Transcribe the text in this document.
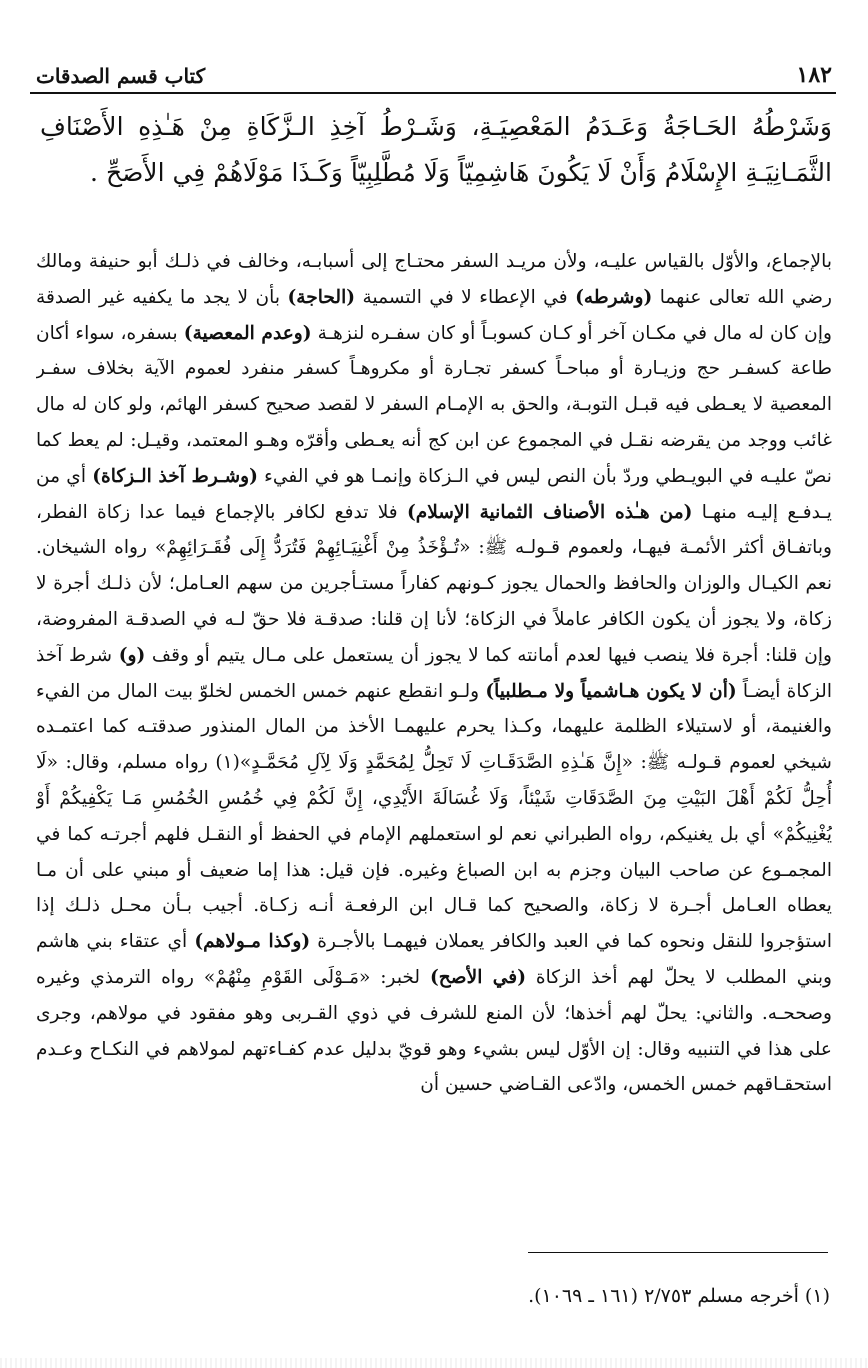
١٨٢
كتاب قسم الصدقات
وَشَرْطُهُ الحَـاجَةُ وَعَـدَمُ المَعْصِيَـةِ، وَشَـرْطُ آخِذِ الـزَّكَاةِ مِنْ هَـٰذِهِ الأَصْنَافِ الثَّمَـانِيَـةِ الإِسْلَامُ وَأَنْ لَا يَكُونَ هَاشِمِيّاً وَلَا مُطَّلِبِيّاً وَكَـذَا مَوْلَاهُمْ فِي الأَصَحِّ .
بالإجماع، والأوّل بالقياس عليـه، ولأن مريـد السفر محتـاج إلى أسبابـه، وخالف في ذلـك أبو حنيفة ومالك رضي الله تعالى عنهما (وشرطه) في الإعطاء لا في التسمية (الحاجة) بأن لا يجد ما يكفيه غير الصدقة وإن كان له مال في مكـان آخر أو كـان كسوبـاً أو كان سفـره لنزهـة (وعدم المعصية) بسفره، سواء أكان طاعة كسفـر حج وزيـارة أو مباحـاً كسفر تجـارة أو مكروهـاً كسفر منفرد لعموم الآية بخلاف سفـر المعصية لا يعـطى فيه قبـل التوبـة، والحق به الإمـام السفر لا لقصد صحيح كسفر الهائم، ولو كان له مال غائب ووجد من يقرضه نقـل في المجموع عن ابن كج أنه يعـطى وأقرّه وهـو المعتمد، وقيـل: لم يعط كما نصّ عليـه في البويـطي وردّ بأن النص ليس في الـزكاة وإنمـا هو في الفيء (وشـرط آخذ الـزكاة) أي من يـدفـع إليـه منهـا (من هـٰذه الأصناف الثمانية الإسلام) فلا تدفع لكافر بالإجماع فيما عدا زكاة الفطر، وباتفـاق أكثر الأئمـة فيهـا، ولعموم قـولـه ﷺ: «تُـؤْخَذُ مِنْ أَغْنِيَـائِهِمْ فَتُرَدُّ إِلَى فُقَـرَائِهِمْ» رواه الشيخان. نعم الكيـال والوزان والحافظ والحمال يجوز كـونهم كفاراً مستـأجرين من سهم العـامل؛ لأن ذلـك أجرة لا زكاة، ولا يجوز أن يكون الكافر عاملاً في الزكاة؛ لأنا إن قلنا: صدقـة فلا حقّ لـه في الصدقـة المفروضة، وإن قلنا: أجرة فلا ينصب فيها لعدم أمانته كما لا يجوز أن يستعمل على مـال يتيم أو وقف (و) شرط آخذ الزكاة أيضـاً (أن لا يكون هـاشمياً ولا مـطلبياً) ولـو انقطع عنهم خمس الخمس لخلوّ بيت المال من الفيء والغنيمة، أو لاستيلاء الظلمة عليهما، وكـذا يحرم عليهمـا الأخذ من المال المنذور صدقتـه كما اعتمـده شيخي لعموم قـولـه ﷺ: «إِنَّ هَـٰذِهِ الصَّدَقَـاتِ لَا تَحِلُّ لِمُحَمَّدٍ وَلَا لِآلِ مُحَمَّـدٍ»(١) رواه مسلم، وقال: «لَا أُحِلُّ لَكُمْ أَهْلَ البَيْتِ مِنَ الصَّدَقَاتِ شَيْئاً، وَلَا غُسَالَةَ الأَيْدِي، إِنَّ لَكُمْ فِي خُمُسِ الخُمُسِ مَـا يَكْفِيكُمْ أَوْ يُغْنِيكُمْ» أي بل يغنيكم، رواه الطبراني نعم لو استعملهم الإمام في الحفظ أو النقـل فلهم أجرتـه كما في المجمـوع عن صاحب البيان وجزم به ابن الصباغ وغيره. فإن قيل: هذا إما ضعيف أو مبني على أن مـا يعطاه العـامل أجـرة لا زكاة، والصحيح كما قـال ابن الرفعـة أنـه زكـاة. أجيب بـأن محـل ذلـك إذا استؤجروا للنقل ونحوه كما في العبد والكافر يعملان فيهمـا بالأجـرة (وكذا مـولاهم) أي عتقاء بني هاشم وبني المطلب لا يحلّ لهم أخذ الزكاة (في الأصح) لخبر: «مَـوْلَى القَوْمِ مِنْهُمْ» رواه الترمذي وغيره وصححـه. والثاني: يحلّ لهم أخذها؛ لأن المنع للشرف في ذوي القـربى وهو مفقود في مولاهم، وجرى على هذا في التنبيه وقال: إن الأوّل ليس بشيء وهو قويّ بدليل عدم كفـاءتهم لمولاهم في النكـاح وعـدم استحقـاقهم خمس الخمس، وادّعى القـاضي حسين أن
(١) أخرجه مسلم ٢/٧٥٣ (١٦١ ـ ١٠٦٩).
